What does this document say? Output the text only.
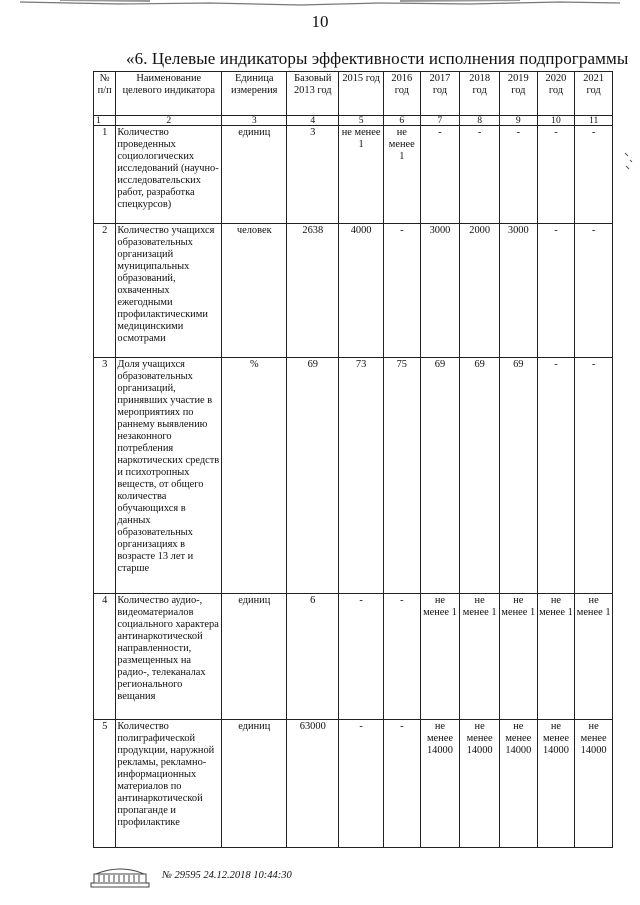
10
«6. Целевые индикаторы эффективности исполнения подпрограммы
№ п/п	Наименование целевого индикатора	Единица измерения	Базовый 2013 год	2015 год	2016 год	2017 год	2018 год	2019 год	2020 год	2021 год
1	2	3	4	5	6	7	8	9	10	11
1	Количество проведенных социологических исследований (научно-исследовательских работ, разработка спецкурсов)	единиц	3	не менее 1	не менее 1	-	-	-	-	-
2	Количество учащихся образовательных организаций муниципальных образований, охваченных ежегодными профилактическими медицинскими осмотрами	человек	2638	4000	-	3000	2000	3000	-	-
3	Доля учащихся образовательных организаций, принявших участие в мероприятиях по раннему выявлению незаконного потребления наркотических средств и психотропных веществ, от общего количества обучающихся в данных образовательных организациях в возрасте 13 лет и старше	%	69	73	75	69	69	69	-	-
4	Количество аудио-, видеоматериалов социального характера антинаркотической направленности, размещенных на радио-, телеканалах регионального вещания	единиц	6	-	-	не менее 1	не менее 1	не менее 1	не менее 1	не менее 1
5	Количество полиграфической продукции, наружной рекламы, рекламно-информационных материалов по антинаркотической пропаганде и профилактике	единиц	63000	-	-	не менее 14000	не менее 14000	не менее 14000	не менее 14000	не менее 14000
№ 29595 24.12.2018 10:44:30
